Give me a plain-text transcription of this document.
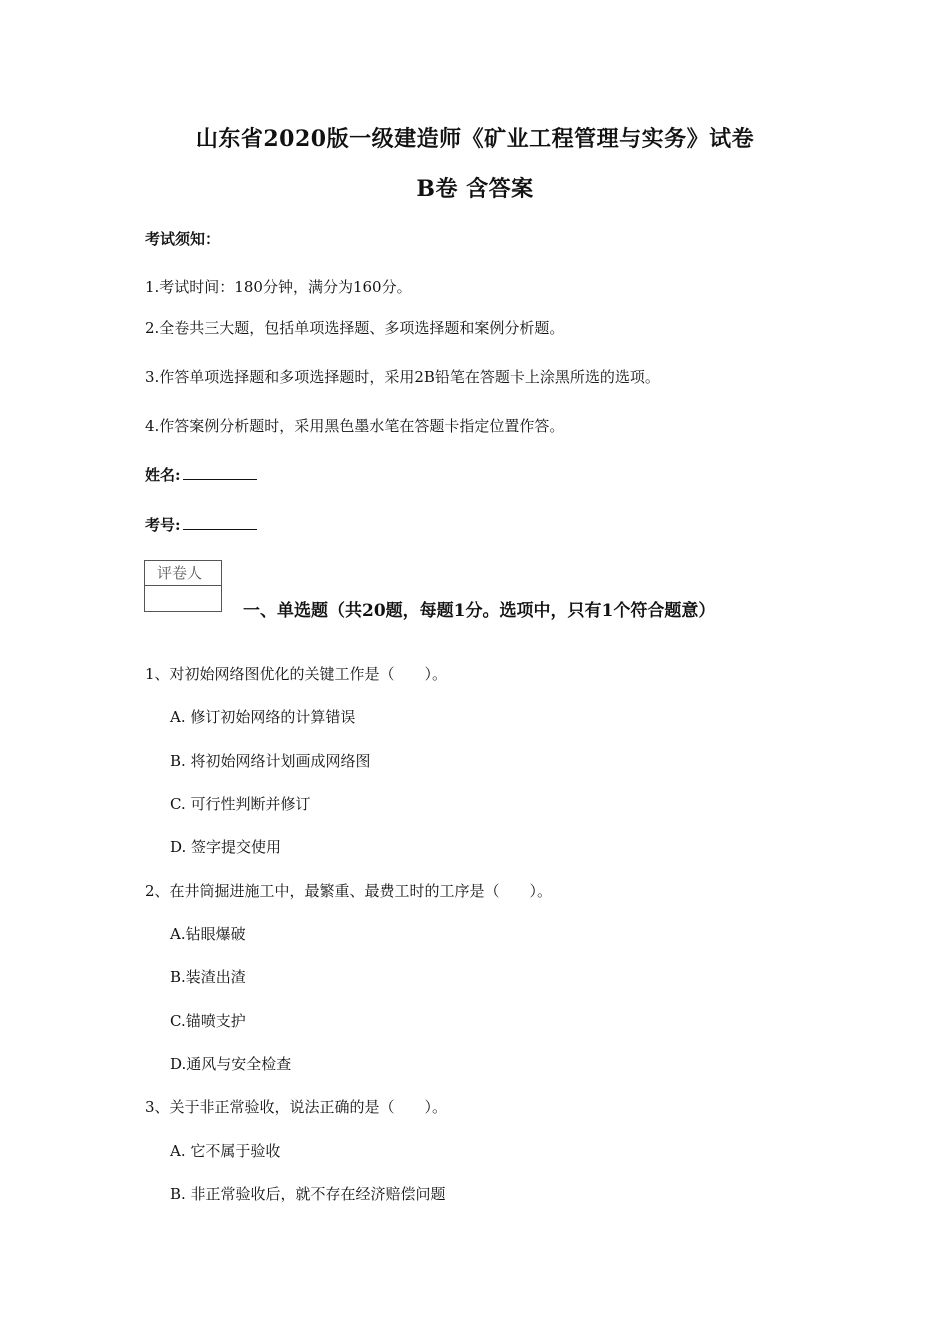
山东省2020版一级建造师《矿业工程管理与实务》试卷
B卷 含答案
考试须知：
1.考试时间：180分钟，满分为160分。
2.全卷共三大题，包括单项选择题、多项选择题和案例分析题。
3.作答单项选择题和多项选择题时，采用2B铅笔在答题卡上涂黑所选的选项。
4.作答案例分析题时，采用黑色墨水笔在答题卡指定位置作答。
姓名:
考号:
评卷人
一、单选题（共20题，每题1分。选项中，只有1个符合题意）
1、对初始网络图优化的关键工作是（　　）。
A. 修订初始网络的计算错误
B. 将初始网络计划画成网络图
C. 可行性判断并修订
D. 签字提交使用
2、在井筒掘进施工中，最繁重、最费工时的工序是（　　）。
A.钻眼爆破
B.装渣出渣
C.锚喷支护
D.通风与安全检查
3、关于非正常验收，说法正确的是（　　）。
A. 它不属于验收
B. 非正常验收后，就不存在经济赔偿问题
